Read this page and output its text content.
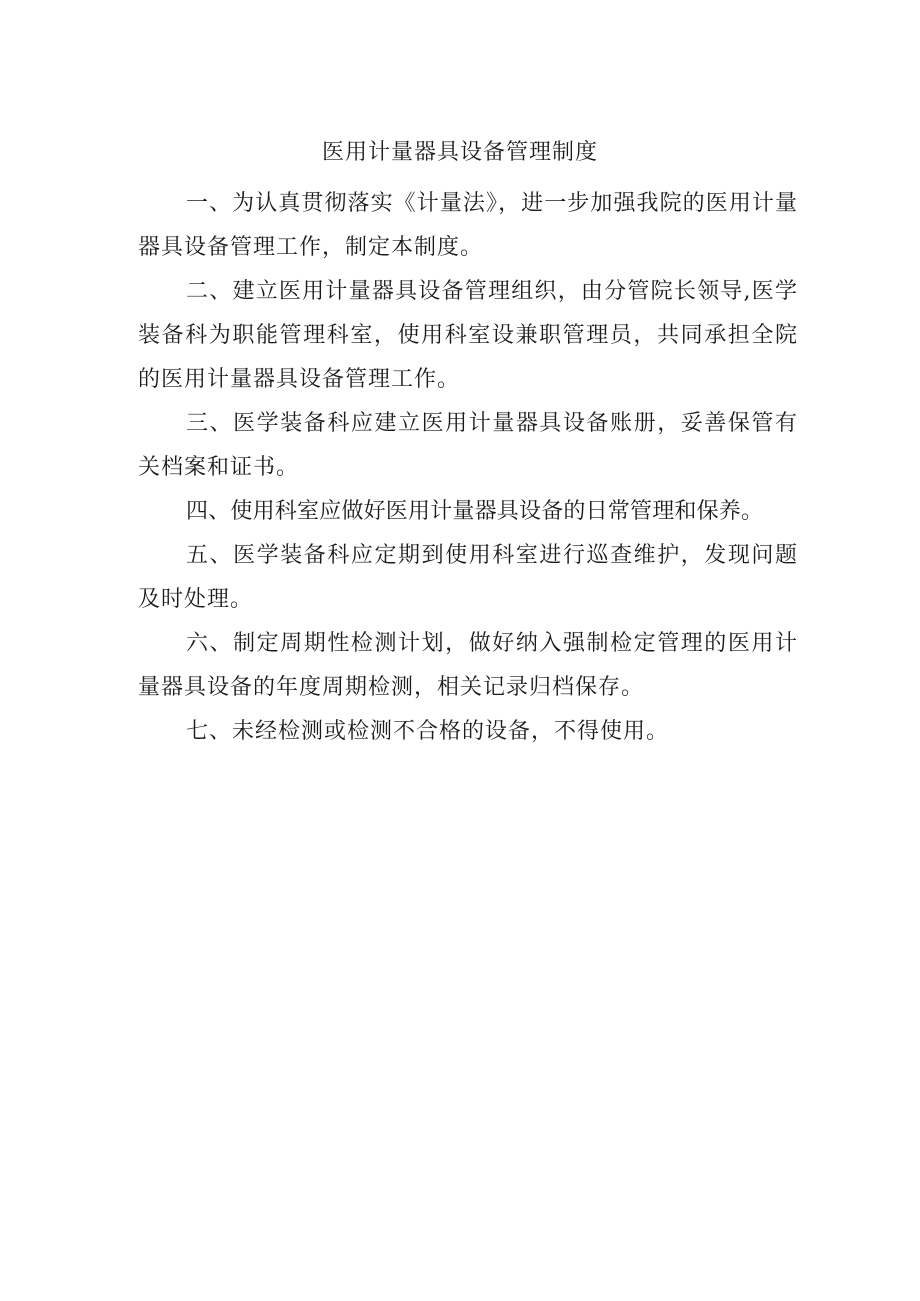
医用计量器具设备管理制度

一、为认真贯彻落实《计量法》，进一步加强我院的医用计量器具设备管理工作，制定本制度。

二、建立医用计量器具设备管理组织，由分管院长领导,医学装备科为职能管理科室，使用科室设兼职管理员，共同承担全院的医用计量器具设备管理工作。

三、医学装备科应建立医用计量器具设备账册，妥善保管有关档案和证书。

四、使用科室应做好医用计量器具设备的日常管理和保养。

五、医学装备科应定期到使用科室进行巡查维护，发现问题及时处理。

六、制定周期性检测计划，做好纳入强制检定管理的医用计量器具设备的年度周期检测，相关记录归档保存。

七、未经检测或检测不合格的设备，不得使用。
